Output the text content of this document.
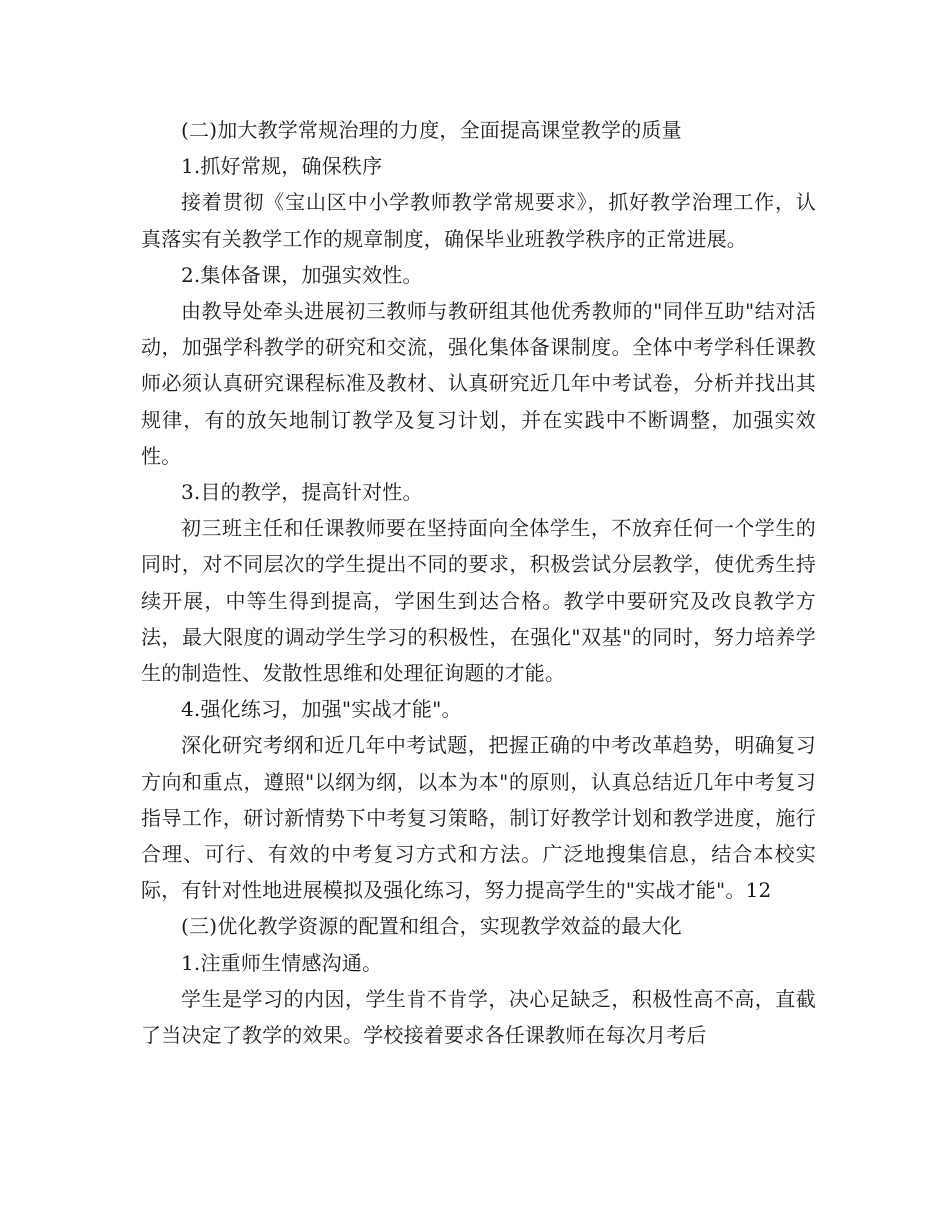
(二)加大教学常规治理的力度，全面提高课堂教学的质量

1.抓好常规，确保秩序

接着贯彻《宝山区中小学教师教学常规要求》，抓好教学治理工作，认真落实有关教学工作的规章制度，确保毕业班教学秩序的正常进展。

2.集体备课，加强实效性。

由教导处牵头进展初三教师与教研组其他优秀教师的"同伴互助"结对活动，加强学科教学的研究和交流，强化集体备课制度。全体中考学科任课教师必须认真研究课程标准及教材、认真研究近几年中考试卷，分析并找出其规律，有的放矢地制订教学及复习计划，并在实践中不断调整，加强实效性。

3.目的教学，提高针对性。

初三班主任和任课教师要在坚持面向全体学生，不放弃任何一个学生的同时，对不同层次的学生提出不同的要求，积极尝试分层教学，使优秀生持续开展，中等生得到提高，学困生到达合格。教学中要研究及改良教学方法，最大限度的调动学生学习的积极性，在强化"双基"的同时，努力培养学生的制造性、发散性思维和处理征询题的才能。

4.强化练习，加强"实战才能"。

深化研究考纲和近几年中考试题，把握正确的中考改革趋势，明确复习方向和重点，遵照"以纲为纲，以本为本"的原则，认真总结近几年中考复习指导工作，研讨新情势下中考复习策略，制订好教学计划和教学进度，施行合理、可行、有效的中考复习方式和方法。广泛地搜集信息，结合本校实际，有针对性地进展模拟及强化练习，努力提高学生的"实战才能"。12

(三)优化教学资源的配置和组合，实现教学效益的最大化

1.注重师生情感沟通。

学生是学习的内因，学生肯不肯学，决心足缺乏，积极性高不高，直截了当决定了教学的效果。学校接着要求各任课教师在每次月考后
